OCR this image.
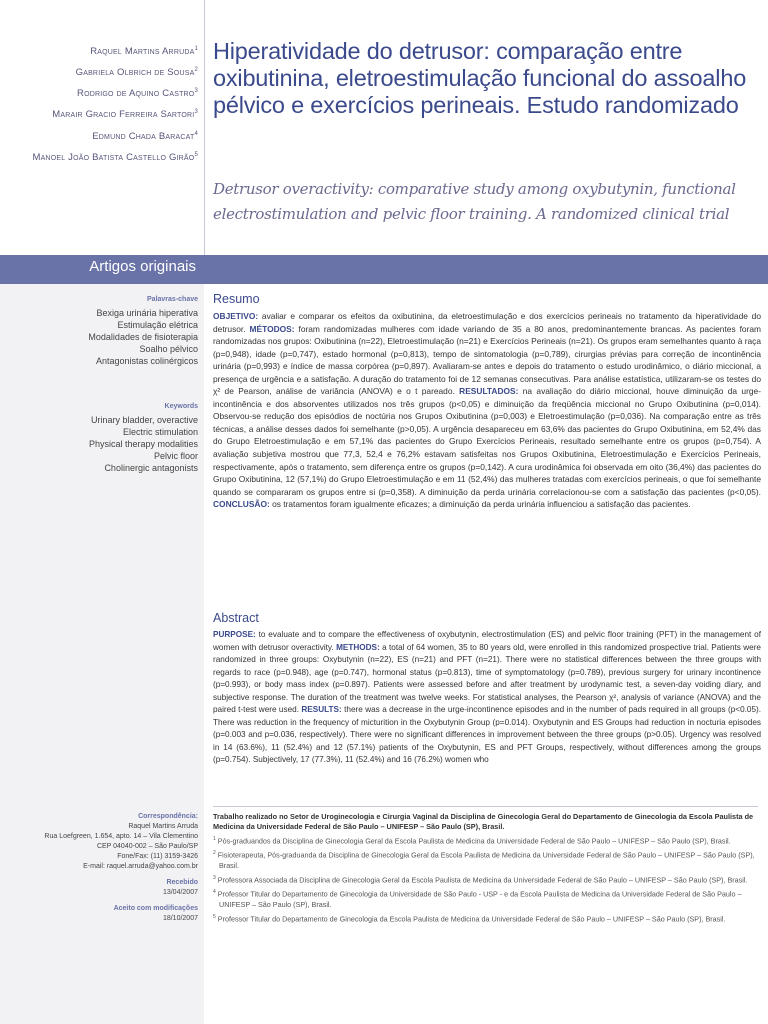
Raquel Martins Arruda$^1$
Gabriela Olbrich de Sousa$^2$
Rodrigo de Aquino Castro$^3$
Marair Gracio Ferreira Sartori$^3$
Edmund Chada Baracat$^4$
Manoel João Batista Castello Girão$^5$
Hiperatividade do detrusor: comparação entre oxibutinina, eletroestimulação funcional do assoalho pélvico e exercícios perineais. Estudo randomizado
Detrusor overactivity: comparative study among oxybutynin, functional electrostimulation and pelvic floor training. A randomized clinical trial
Artigos originais
Palavras-chave
Bexiga urinária hiperativa
Estimulação elétrica
Modalidades de fisioterapia
Soalho pélvico
Antagonistas colinérgicos
Keywords
Urinary bladder, overactive
Electric stimulation
Physical therapy modalities
Pelvic floor
Cholinergic antagonists
Resumo
OBJETIVO: avaliar e comparar os efeitos da oxibutinina, da eletroestimulação e dos exercícios perineais no tratamento da hiperatividade do detrusor. MÉTODOS: foram randomizadas mulheres com idade variando de 35 a 80 anos, predominantemente brancas. As pacientes foram randomizadas nos grupos: Oxibutinina (n=22), Eletroestimulação (n=21) e Exercícios Perineais (n=21). Os grupos eram semelhantes quanto à raça (p=0,948), idade (p=0,747), estado hormonal (p=0,813), tempo de sintomatologia (p=0,789), cirurgias prévias para correção de incontinência urinária (p=0,993) e índice de massa corpórea (p=0,897). Avaliaram-se antes e depois do tratamento o estudo urodinâmico, o diário miccional, a presença de urgência e a satisfação. A duração do tratamento foi de 12 semanas consecutivas. Para análise estatística, utilizaram-se os testes do χ² de Pearson, análise de variância (ANOVA) e o t pareado. RESULTADOS: na avaliação do diário miccional, houve diminuição da urge-incontinência e dos absorventes utilizados nos três grupos (p<0,05) e diminuição da freqüência miccional no Grupo Oxibutinina (p=0,014). Observou-se redução dos episódios de noctúria nos Grupos Oxibutinina (p=0,003) e Eletroestimulação (p=0,036). Na comparação entre as três técnicas, a análise desses dados foi semelhante (p>0,05). A urgência desapareceu em 63,6% das pacientes do Grupo Oxibutinina, em 52,4% das do Grupo Eletroestimulação e em 57,1% das pacientes do Grupo Exercícios Perineais, resultado semelhante entre os grupos (p=0,754). A avaliação subjetiva mostrou que 77,3, 52,4 e 76,2% estavam satisfeitas nos Grupos Oxibutinina, Eletroestimulação e Exercícios Perineais, respectivamente, após o tratamento, sem diferença entre os grupos (p=0,142). A cura urodinâmica foi observada em oito (36,4%) das pacientes do Grupo Oxibutinina, 12 (57,1%) do Grupo Eletroestimulação e em 11 (52,4%) das mulheres tratadas com exercícios perineais, o que foi semelhante quando se compararam os grupos entre si (p=0,358). A diminuição da perda urinária correlacionou-se com a satisfação das pacientes (p<0,05). CONCLUSÃO: os tratamentos foram igualmente eficazes; a diminuição da perda urinária influenciou a satisfação das pacientes.
Abstract
PURPOSE: to evaluate and to compare the effectiveness of oxybutynin, electrostimulation (ES) and pelvic floor training (PFT) in the management of women with detrusor overactivity. METHODS: a total of 64 women, 35 to 80 years old, were enrolled in this randomized prospective trial. Patients were randomized in three groups: Oxybutynin (n=22), ES (n=21) and PFT (n=21). There were no statistical differences between the three groups with regards to race (p=0.948), age (p=0.747), hormonal status (p=0.813), time of symptomatology (p=0.789), previous surgery for urinary incontinence (p=0.993), or body mass index (p=0.897). Patients were assessed before and after treatment by urodynamic test, a seven-day voiding diary, and subjective response. The duration of the treatment was twelve weeks. For statistical analyses, the Pearson χ², analysis of variance (ANOVA) and the paired t-test were used. RESULTS: there was a decrease in the urge-incontinence episodes and in the number of pads required in all groups (p<0.05). There was reduction in the frequency of micturition in the Oxybutynin Group (p=0.014). Oxybutynin and ES Groups had reduction in nocturia episodes (p=0.003 and p=0.036, respectively). There were no significant differences in improvement between the three groups (p>0.05). Urgency was resolved in 14 (63.6%), 11 (52.4%) and 12 (57.1%) patients of the Oxybutynin, ES and PFT Groups, respectively, without differences among the groups (p=0.754). Subjectively, 17 (77.3%), 11 (52.4%) and 16 (76.2%) women who
Correspondência:
Raquel Martins Arruda
Rua Loefgreen, 1.654, apto. 14 – Vila Clementino
CEP 04040-002 – São Paulo/SP
Fone/Fax: (11) 3159-3426
E-mail: raquel.arruda@yahoo.com.br
Recebido
13/04/2007
Aceito com modificações
18/10/2007
Trabalho realizado no Setor de Uroginecologia e Cirurgia Vaginal da Disciplina de Ginecologia Geral do Departamento de Ginecologia da Escola Paulista de Medicina da Universidade Federal de São Paulo – UNIFESP – São Paulo (SP), Brasil.
$^1$ Pós-graduandos da Disciplina de Ginecologia Geral da Escola Paulista de Medicina da Universidade Federal de São Paulo – UNIFESP – São Paulo (SP), Brasil.
$^2$ Fisioterapeuta, Pós-graduanda da Disciplina de Ginecologia Geral da Escola Paulista de Medicina da Universidade Federal de São Paulo – UNIFESP – São Paulo (SP), Brasil.
$^3$ Professora Associada da Disciplina de Ginecologia Geral da Escola Paulista de Medicina da Universidade Federal de São Paulo – UNIFESP – São Paulo (SP), Brasil.
$^4$ Professor Titular do Departamento de Ginecologia da Universidade de São Paulo - USP - e da Escola Paulista de Medicina da Universidade Federal de São Paulo – UNIFESP – São Paulo (SP), Brasil.
$^5$ Professor Titular do Departamento de Ginecologia da Escola Paulista de Medicina da Universidade Federal de São Paulo – UNIFESP – São Paulo (SP), Brasil.
